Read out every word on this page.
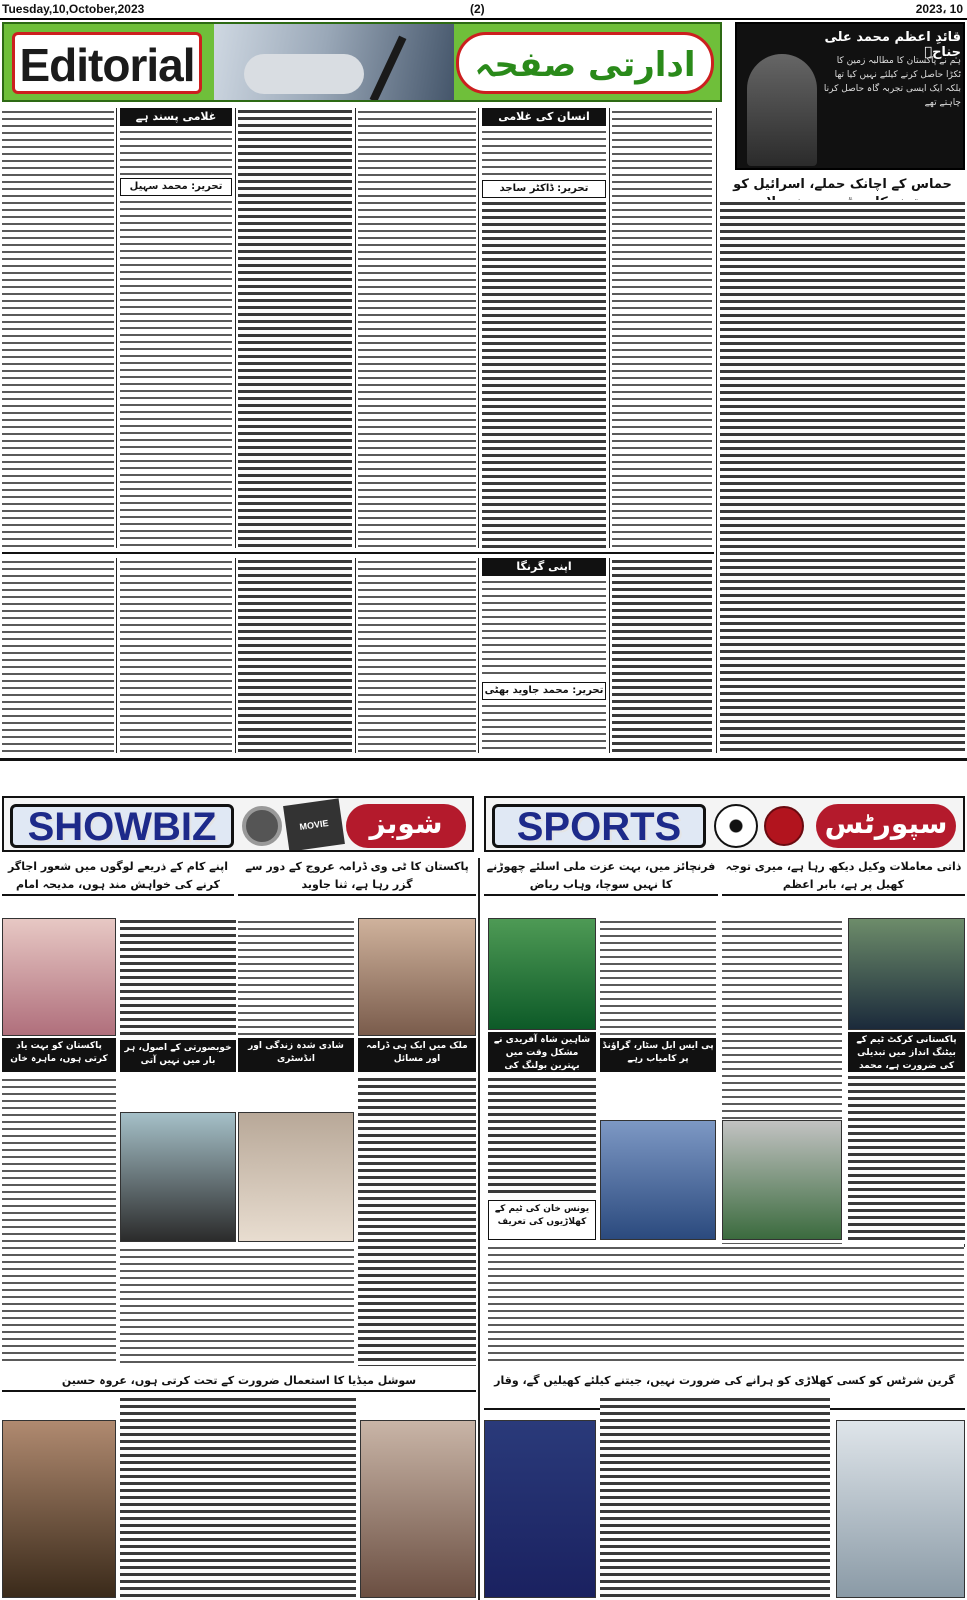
Tuesday,10,October,2023	(2)	2023، 10
Editorial	ادارتی صفحہ
قائدِ اعظم محمد علی جناحؒ
ہم نے پاکستان کا مطالبہ زمین کا ٹکڑا حاصل کرنے کیلئے نہیں کیا تھا بلکہ ایک ایسی تجربہ گاہ حاصل کرنا چاہتے تھے
غلامی پسند ہے
تحریر: محمد سہیل
انسان کی غلامی
تحریر: ڈاکٹر ساجد	حماس کے اچانک حملے، اسرائیل کو
اپنی گرنگا
تحریر: محمد جاوید بھٹی
SHOWBIZ	MOVIE	شوبز	SPORTS	سپورٹس
ذاتی معاملات وکیل دیکھ رہا ہے، میری توجہ کھیل پر ہے، بابر اعظم
فرنچائز میں، بہت عزت ملی اسلئے چھوڑنے کا نہیں سوچا، وہاب ریاض
پاکستانی کرکٹ ٹیم کے بیٹنگ انداز میں تبدیلی کی ضرورت ہے، محمد
شاہین شاہ آفریدی نے مشکل وقت میں بہترین بولنگ کی
پی ایس ایل سٹار، گراؤنڈ پر کامیاب رہے
یونس خان کی ٹیم کے کھلاڑیوں کی تعریف
گرین شرٹس کو کسی کھلاڑی کو ہرانے کی ضرورت نہیں، جیتنے کیلئے کھیلیں گے، وقار
پاکستان کا ٹی وی ڈرامہ عروج کے دور سے گزر رہا ہے، ثنا جاوید
اپنے کام کے ذریعے لوگوں میں شعور اجاگر کرنے کی خواہش مند ہوں، مدیحہ امام
پاکستان کو بہت یاد کرتی ہوں، ماہرہ خان
خوبصورتی کے اصول، ہر بار میں نہیں آتی
ملک میں ایک ہی ڈرامہ اور مسائل
شادی شدہ زندگی اور انڈسٹری
سوشل میڈیا کا استعمال ضرورت کے تحت کرتی ہوں، عروہ حسین
